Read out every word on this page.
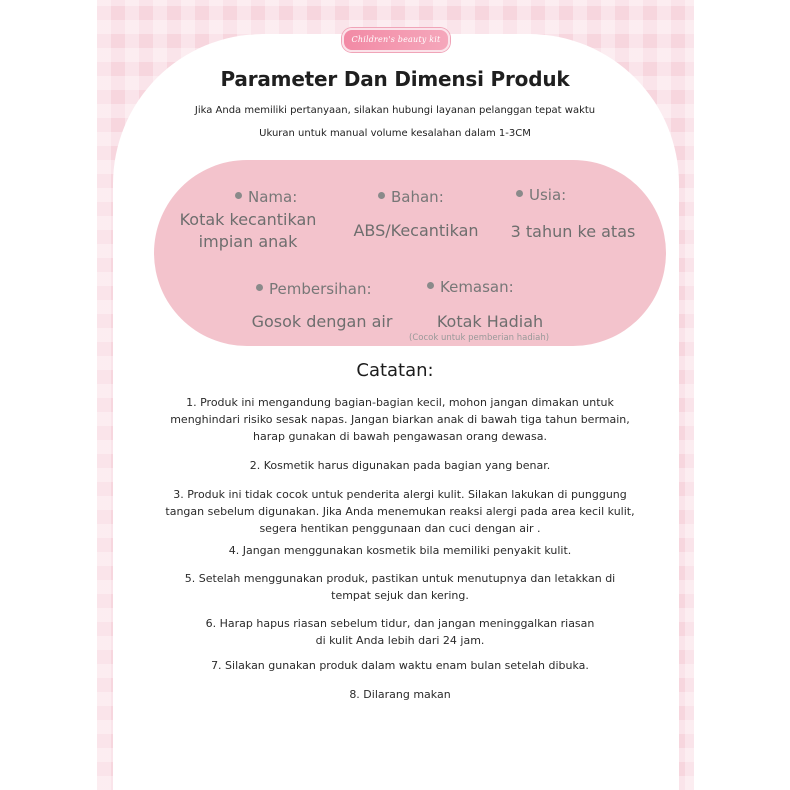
Children's beauty kit
Parameter Dan Dimensi Produk
Jika Anda memiliki pertanyaan, silakan hubungi layanan pelanggan tepat waktu
Ukuran untuk manual volume kesalahan dalam 1-3CM
Nama:
Kotak kecantikan
impian anak
Bahan:
ABS/Kecantikan
Usia:
3 tahun ke atas
Pembersihan:
Gosok dengan air
Kemasan:
Kotak Hadiah
(Cocok untuk pemberian hadiah)
Catatan:
1. Produk ini mengandung bagian-bagian kecil, mohon jangan dimakan untuk
menghindari risiko sesak napas. Jangan biarkan anak di bawah tiga tahun bermain,
harap gunakan di bawah pengawasan orang dewasa.
2. Kosmetik harus digunakan pada bagian yang benar.
3. Produk ini tidak cocok untuk penderita alergi kulit. Silakan lakukan di punggung
tangan sebelum digunakan. Jika Anda menemukan reaksi alergi pada area kecil kulit,
segera hentikan penggunaan dan cuci dengan air .
4. Jangan menggunakan kosmetik bila memiliki penyakit kulit.
5. Setelah menggunakan produk, pastikan untuk menutupnya dan letakkan di
tempat sejuk dan kering.
6. Harap hapus riasan sebelum tidur, dan jangan meninggalkan riasan
di kulit Anda lebih dari 24 jam.
7. Silakan gunakan produk dalam waktu enam bulan setelah dibuka.
8. Dilarang makan
